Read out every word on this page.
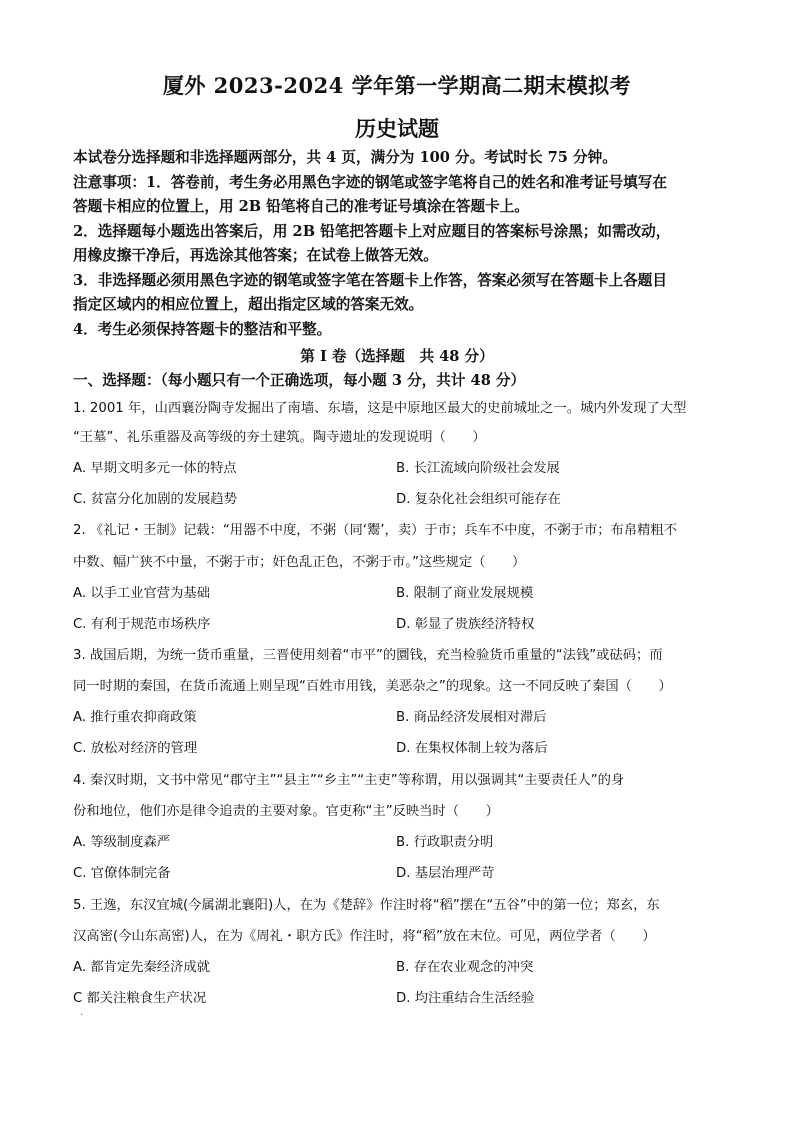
厦外 2023-2024 学年第一学期高二期末模拟考
历史试题
本试卷分选择题和非选择题两部分，共 4 页，满分为 100 分。考试时长 75 分钟。
注意事项：1．答卷前，考生务必用黑色字迹的钢笔或签字笔将自己的姓名和准考证号填写在
答题卡相应的位置上，用 2B 铅笔将自己的准考证号填涂在答题卡上。
2．选择题每小题选出答案后，用 2B 铅笔把答题卡上对应题目的答案标号涂黑；如需改动，
用橡皮擦干净后，再选涂其他答案；在试卷上做答无效。
3．非选择题必须用黑色字迹的钢笔或签字笔在答题卡上作答，答案必须写在答题卡上各题目
指定区域内的相应位置上，超出指定区域的答案无效。
4．考生必须保持答题卡的整洁和平整。
第 I 卷（选择题　共 48 分）
一、选择题：（每小题只有一个正确选项，每小题 3 分，共计 48 分）
1. 2001 年，山西襄汾陶寺发掘出了南墙、东墙，这是中原地区最大的史前城址之一。城内外发现了大型
“王墓”、礼乐重器及高等级的夯土建筑。陶寺遗址的发现说明（　　）
A. 早期文明多元一体的特点	B. 长江流域向阶级社会发展
C. 贫富分化加剧的发展趋势	D. 复杂化社会组织可能存在
2. 《礼记・王制》记载：“用器不中度，不粥（同‘鬻’，卖）于市；兵车不中度，不粥于市；布帛精粗不
中数、幅广狭不中量，不粥于市；奸色乱正色，不粥于市。”这些规定（　　）
A. 以手工业官营为基础	B. 限制了商业发展规模
C. 有利于规范市场秩序	D. 彰显了贵族经济特权
3. 战国后期，为统一货币重量，三晋使用刻着“市平”的圜钱，充当检验货币重量的“法钱”或砝码；而
同一时期的秦国，在货币流通上则呈现“百姓市用钱，美恶杂之”的现象。这一不同反映了秦国（　　）
A. 推行重农抑商政策	B. 商品经济发展相对滞后
C. 放松对经济的管理	D. 在集权体制上较为落后
4. 秦汉时期，文书中常见“郡守主”“县主”“乡主”“主吏”等称谓，用以强调其“主要责任人”的身
份和地位，他们亦是律令追责的主要对象。官吏称“主”反映当时（　　）
A. 等级制度森严	B. 行政职责分明
C. 官僚体制完备	D. 基层治理严苛
5. 王逸，东汉宜城(今属湖北襄阳)人，在为《楚辞》作注时将“稻”摆在“五谷”中的第一位；郑玄，东
汉高密(今山东高密)人，在为《周礼・职方氏》作注时，将“稻”放在末位。可见，两位学者（　　）
A. 都肯定先秦经济成就	B. 存在农业观念的冲突
C 都关注粮食生产状况	D. 均注重结合生活经验
·
